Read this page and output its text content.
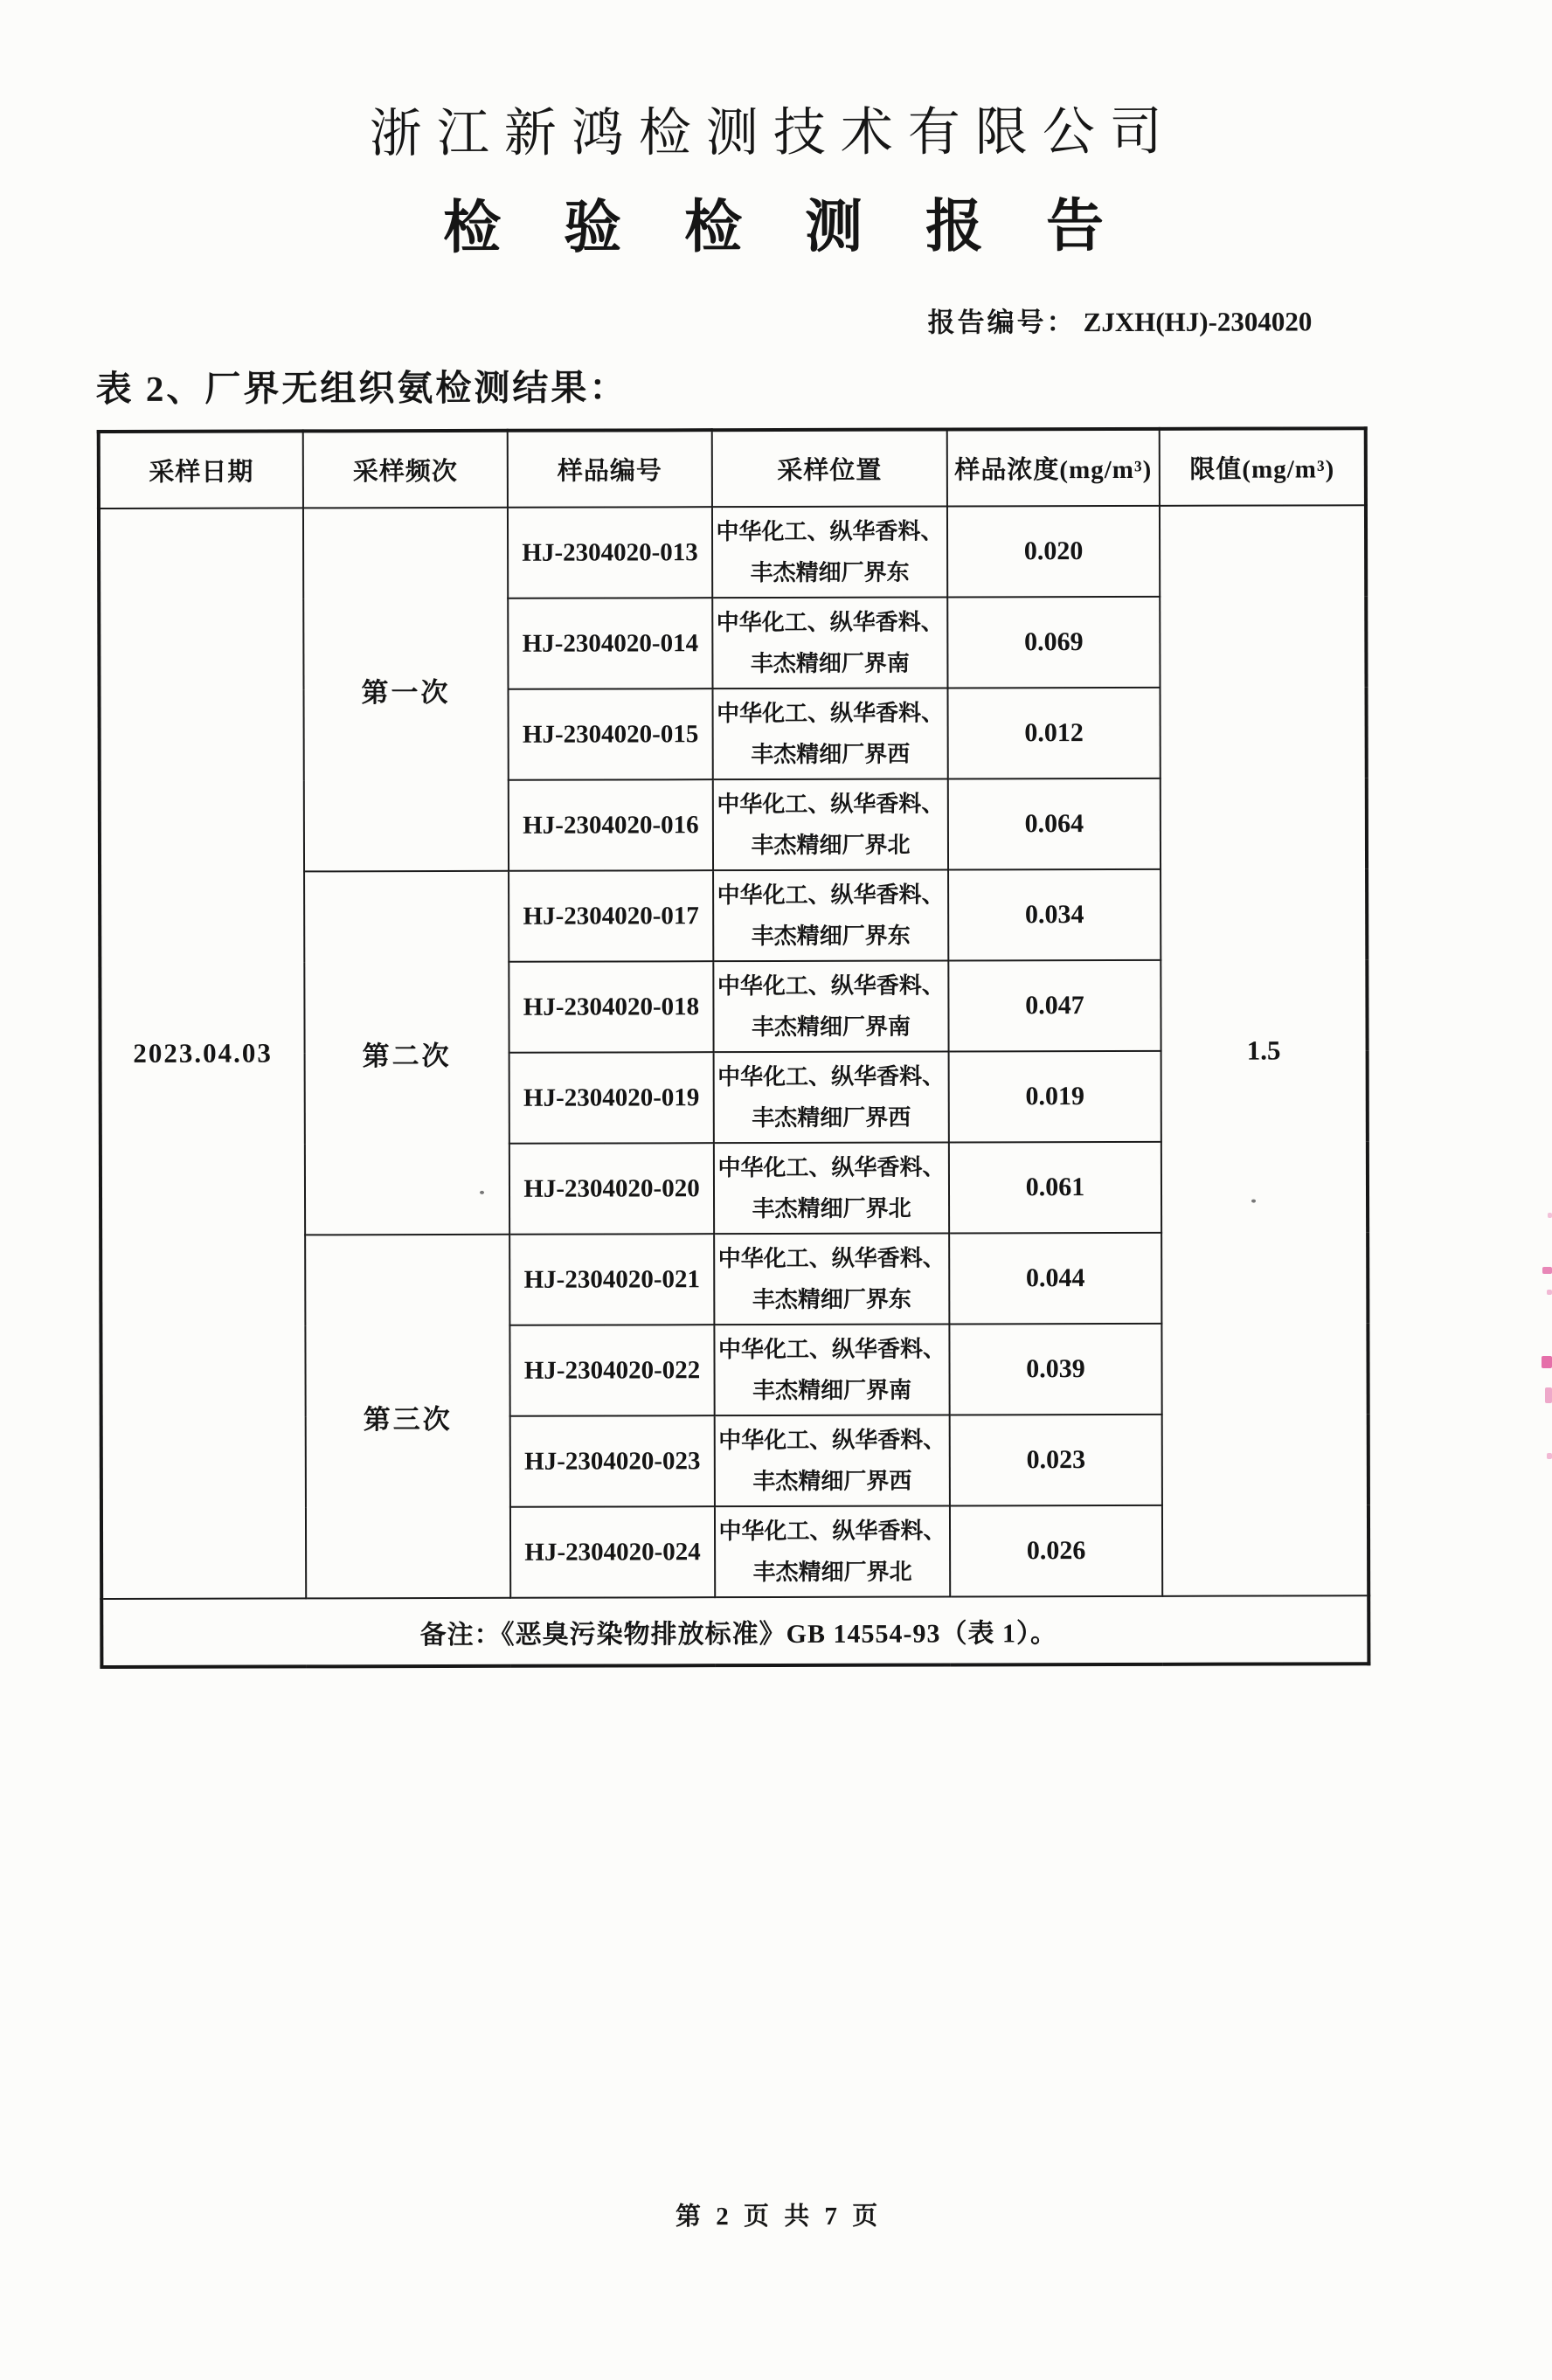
浙江新鸿检测技术有限公司
检验检测报告
报告编号： ZJXH(HJ)-2304020
表 2、厂界无组织氨检测结果：
采样日期	采样频次	样品编号	采样位置	样品浓度(mg/m³)	限值(mg/m³)
2023.04.03	第一次	HJ-2304020-013	中华化工、纵华香料、
丰杰精细厂界东	0.020	1.5
		HJ-2304020-014	中华化工、纵华香料、
丰杰精细厂界南	0.069	
		HJ-2304020-015	中华化工、纵华香料、
丰杰精细厂界西	0.012	
		HJ-2304020-016	中华化工、纵华香料、
丰杰精细厂界北	0.064	
	第二次	HJ-2304020-017	中华化工、纵华香料、
丰杰精细厂界东	0.034	
		HJ-2304020-018	中华化工、纵华香料、
丰杰精细厂界南	0.047	
		HJ-2304020-019	中华化工、纵华香料、
丰杰精细厂界西	0.019	
		HJ-2304020-020	中华化工、纵华香料、
丰杰精细厂界北	0.061	
	第三次	HJ-2304020-021	中华化工、纵华香料、
丰杰精细厂界东	0.044	
		HJ-2304020-022	中华化工、纵华香料、
丰杰精细厂界南	0.039	
		HJ-2304020-023	中华化工、纵华香料、
丰杰精细厂界西	0.023	
		HJ-2304020-024	中华化工、纵华香料、
丰杰精细厂界北	0.026	
备注：《恶臭污染物排放标准》GB 14554-93（表 1）。					
第 2 页 共 7 页
